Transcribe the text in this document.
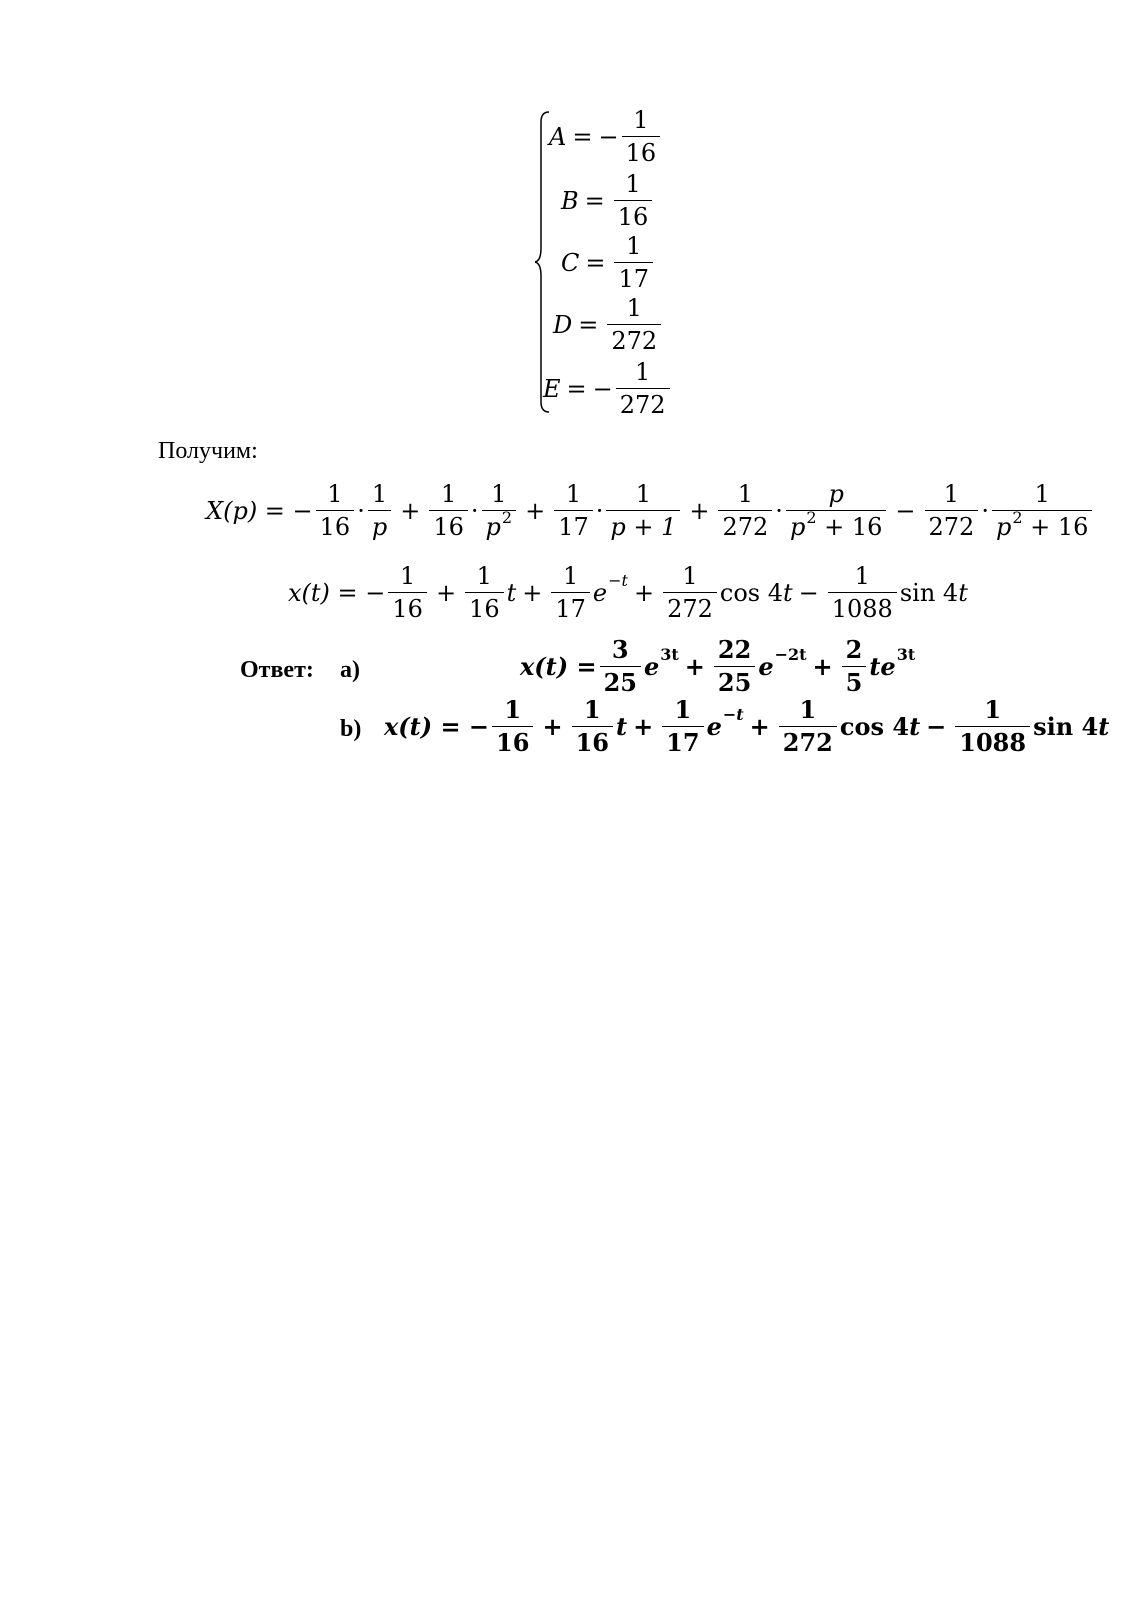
A = − $\frac{1}{16}$
$B = \frac{1}{16}$
$C = \frac{1}{17}$
$D = \frac{1}{272}$
E = − $\frac{1}{272}$
Получим:
X(p) = − $\frac{1}{16} \cdot \frac{1}{p} + \frac{1}{16} \cdot \frac{1}{p^2} + \frac{1}{17} \cdot \frac{1}{p + 1} + \frac{1}{272} \cdot \frac{p}{p^2 + 16} - \frac{1}{272} \cdot \frac{1}{p^2 + 16}$
x(t) = − $\frac{1}{16} + \frac{1}{16}$ $t + \frac{1}{17}$ $e -t + \frac{1}{272}$ cos 4 $t - \frac{1}{1088}$ sin 4 t
Ответ: a)	$x(t) = \frac{3}{25}$ e $3t + \frac{22}{25}$ $e -2t + \frac{2}{5}$ te 3t
b) x(t) = − $\frac{1}{16} + \frac{1}{16}$ $t + \frac{1}{17}$ $e -t + \frac{1}{272}$ cos 4 $t - \frac{1}{1088}$ sin 4 t
